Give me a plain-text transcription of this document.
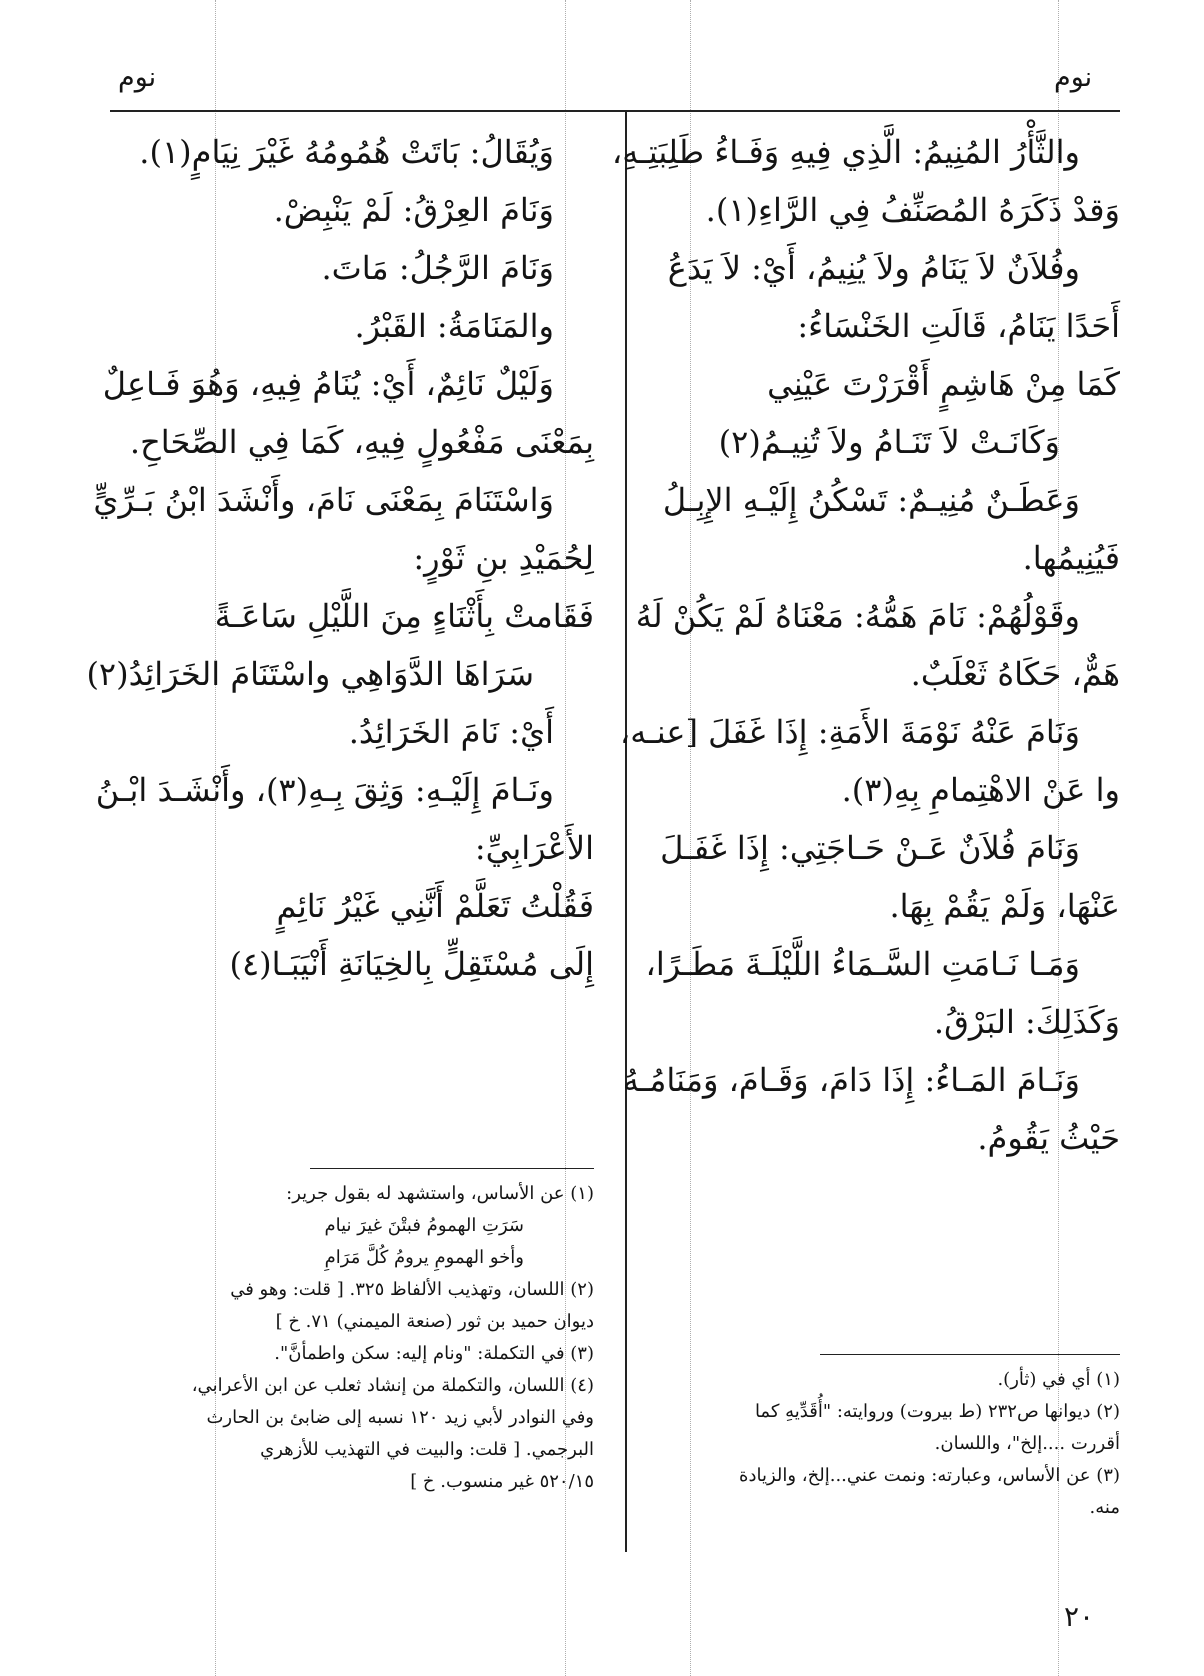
نوم
نوم
والثَّأْرُ المُنِيمُ: الَّذِي فِيهِ وَفَـاءُ طَلِبَتِـهِ،
وَقدْ ذَكَرَهُ المُصَنِّفُ فِي الرَّاءِ(١).
وفُلاَنٌ لاَ يَنَامُ ولاَ يُنِيمُ، أَيْ: لاَ يَدَعُ
أَحَدًا يَنَامُ، قَالَتِ الخَنْسَاءُ:
كَمَا مِنْ هَاشِمٍ أَقْرَرْتَ عَيْنِي
وَكَانَـتْ لاَ تَنَـامُ ولاَ تُنِيـمُ(٢)
وَعَطَـنٌ مُنِيـمٌ: تَسْكُنُ إِلَيْـهِ الإِبِـلُ
فَيُنِيمُها.
وقَوْلُهُمْ: نَامَ هَمُّهُ: مَعْنَاهُ لَمْ يَكُنْ لَهُ
هَمٌّ، حَكَاهُ ثَعْلَبٌ.
وَنَامَ عَنْهُ نَوْمَةَ الأَمَةِ: إِذَا غَفَلَ [عنـه،
وا عَنْ الاهْتِمامِ بِهِ(٣).
وَنَامَ فُلاَنٌ عَـنْ حَـاجَتِي: إِذَا غَفَـلَ
عَنْهَا، وَلَمْ يَقُمْ بِهَا.
وَمَـا نَـامَتِ السَّـمَاءُ اللَّيْلَـةَ مَطَـرًا،
وَكَذَلِكَ: البَرْقُ.
وَنَـامَ المَـاءُ: إِذَا دَامَ، وَقَـامَ، وَمَنَامُـهُ
حَيْثُ يَقُومُ.
وَيُقَالُ: بَاتَتْ هُمُومُهُ غَيْرَ نِيَامٍ(١).
وَنَامَ العِرْقُ: لَمْ يَنْبِضْ.
وَنَامَ الرَّجُلُ: مَاتَ.
والمَنَامَةُ: القَبْرُ.
وَلَيْلٌ نَائِمٌ، أَيْ: يُنَامُ فِيهِ، وَهُوَ فَـاعِلٌ
بِمَعْنَى مَفْعُولٍ فِيهِ، كَمَا فِي الصِّحَاحِ.
وَاسْتَنَامَ بِمَعْنَى نَامَ، وأَنْشَدَ ابْنُ بَـرِّيٍّ
لِحُمَيْدِ بنِ ثَوْرٍ:
فَقَامتْ بِأَثْنَاءٍ مِنَ اللَّيْلِ سَاعَـةً
سَرَاهَا الدَّوَاهِي واسْتَنَامَ الخَرَائِدُ(٢)
أَيْ: نَامَ الخَرَائِدُ.
ونَـامَ إِلَيْـهِ: وَثِقَ بِـهِ(٣)، وأَنْشَـدَ ابْـنُ
الأَعْرَابِيِّ:
فَقُلْتُ تَعَلَّمْ أَنَّنِي غَيْرُ نَائِمٍ
إِلَى مُسْتَقِلٍّ بِالخِيَانَةِ أَنْيَبَـا(٤)
(١) عن الأساس، واستشهد له بقول جرير:
سَرَتِ الهمومُ فبتْنَ غيرَ نيام
وأخو الهمومِ يرومُ كُلَّ مَرَامِ
(٢) اللسان، وتهذيب الألفاظ ٣٢٥. [ قلت: وهو في
ديوان حميد بن ثور (صنعة الميمني) ٧١. خ ]
(٣) في التكملة: "ونام إليه: سكن واطمأنَّ".
(٤) اللسان، والتكملة من إنشاد ثعلب عن ابن الأعرابي،
وفي النوادر لأبي زيد ١٢٠ نسبه إلى ضابئ بن الحارث
البرجمي. [ قلت: والبيت في التهذيب للأزهري
٥٢٠/١٥ غير منسوب. خ ]
(١) أي في (ثأر).
(٢) ديوانها ص٢٣٢ (ط بيروت) وروايته: "أُقَدِّيهِ كما
أقررت ....إلخ"، واللسان.
(٣) عن الأساس، وعبارته: ونمت عني...إلخ، والزيادة
منه.
٢٠
